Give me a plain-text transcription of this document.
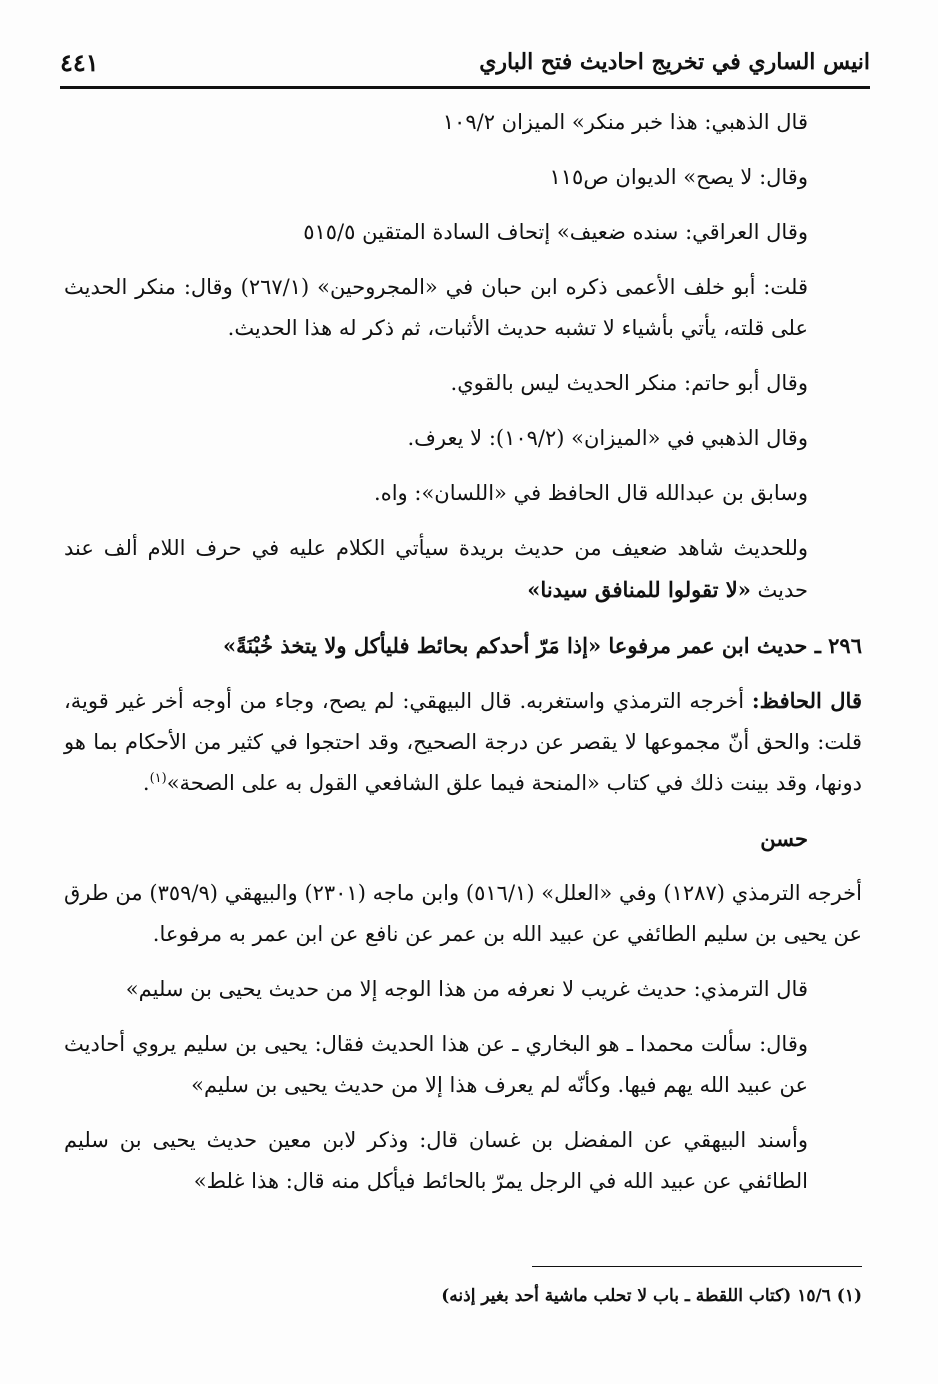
انيس الساري في تخريج احاديث فتح الباري
٤٤١

قال الذهبي: هذا خبر منكر» الميزان ١٠٩/٢

وقال: لا يصح» الديوان ص١١٥

وقال العراقي: سنده ضعيف» إتحاف السادة المتقين ٥١٥/٥

قلت: أبو خلف الأعمى ذكره ابن حبان في «المجروحين» (٢٦٧/١) وقال: منكر الحديث على قلته، يأتي بأشياء لا تشبه حديث الأثبات، ثم ذكر له هذا الحديث.

وقال أبو حاتم: منكر الحديث ليس بالقوي.

وقال الذهبي في «الميزان» (١٠٩/٢): لا يعرف.

وسابق بن عبدالله قال الحافظ في «اللسان»: واه.

وللحديث شاهد ضعيف من حديث بريدة سيأتي الكلام عليه في حرف اللام ألف عند حديث «لا تقولوا للمنافق سيدنا»

٢٩٦ ـ حديث ابن عمر مرفوعا «إذا مَرّ أحدكم بحائط فليأكل ولا يتخذ خُبْنَةً»

قال الحافظ: أخرجه الترمذي واستغربه. قال البيهقي: لم يصح، وجاء من أوجه أخر غير قوية، قلت: والحق أنّ مجموعها لا يقصر عن درجة الصحيح، وقد احتجوا في كثير من الأحكام بما هو دونها، وقد بينت ذلك في كتاب «المنحة فيما علق الشافعي القول به على الصحة»$^{(١)}$.

حسن

أخرجه الترمذي (١٢٨٧) وفي «العلل» (٥١٦/١) وابن ماجه (٢٣٠١) والبيهقي (٣٥٩/٩) من طرق عن يحيى بن سليم الطائفي عن عبيد الله بن عمر عن نافع عن ابن عمر به مرفوعا.

قال الترمذي: حديث غريب لا نعرفه من هذا الوجه إلا من حديث يحيى بن سليم»

وقال: سألت محمدا ـ هو البخاري ـ عن هذا الحديث فقال: يحيى بن سليم يروي أحاديث عن عبيد الله يهم فيها. وكأنّه لم يعرف هذا إلا من حديث يحيى بن سليم»

وأسند البيهقي عن المفضل بن غسان قال: وذكر لابن معين حديث يحيى بن سليم الطائفي عن عبيد الله في الرجل يمرّ بالحائط فيأكل منه قال: هذا غلط»

(١) ١٥/٦ (كتاب اللقطة ـ باب لا تحلب ماشية أحد بغير إذنه)
